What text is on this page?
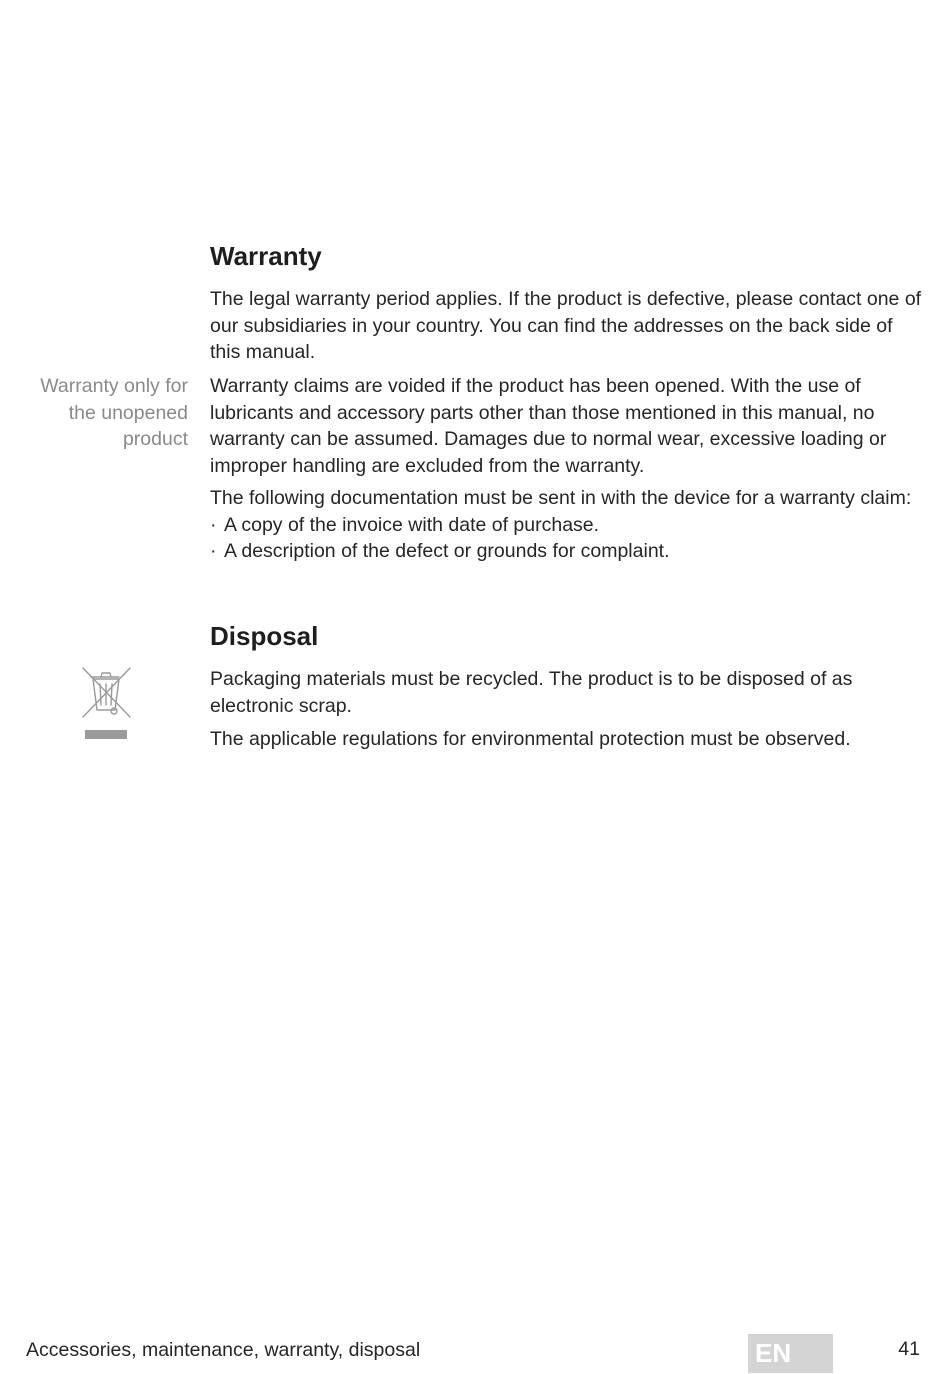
Warranty

The legal warranty period applies. If the product is defective, please contact one of our subsidiaries in your country. You can find the addresses on the back side of this manual.

Warranty only for the unopened product

Warranty claims are voided if the product has been opened. With the use of lubricants and accessory parts other than those mentioned in this manual, no warranty can be assumed. Damages due to normal wear, excessive loading or improper handling are excluded from the warranty.

The following documentation must be sent in with the device for a warranty claim:

· A copy of the invoice with date of purchase.
· A description of the defect or grounds for complaint.
Disposal

Packaging materials must be recycled. The product is to be disposed of as electronic scrap.

The applicable regulations for environmental protection must be observed.

Accessories, maintenance, warranty, disposal	EN	41
